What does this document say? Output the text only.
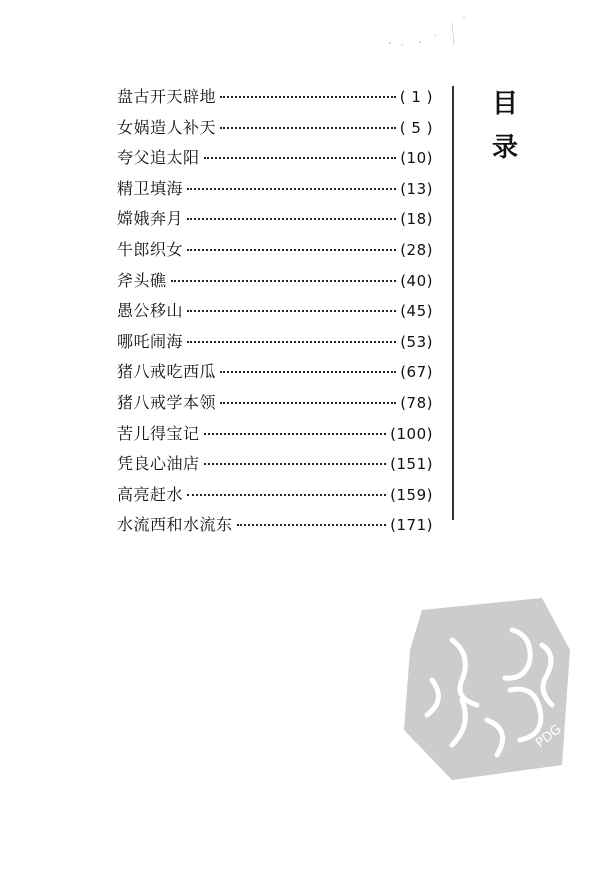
盘古开天辟地	( 1 )
女娲造人补天	( 5 )
夸父追太阳	(10)
精卫填海	(13)
嫦娥奔月	(18)
牛郎织女	(28)
斧头礁	(40)
愚公移山	(45)
哪吒闹海	(53)
猪八戒吃西瓜	(67)
猪八戒学本领	(78)
苦儿得宝记	(100)
凭良心油店	(151)
高亮赶水	(159)
水流西和水流东	(171)
目
录
PDG
